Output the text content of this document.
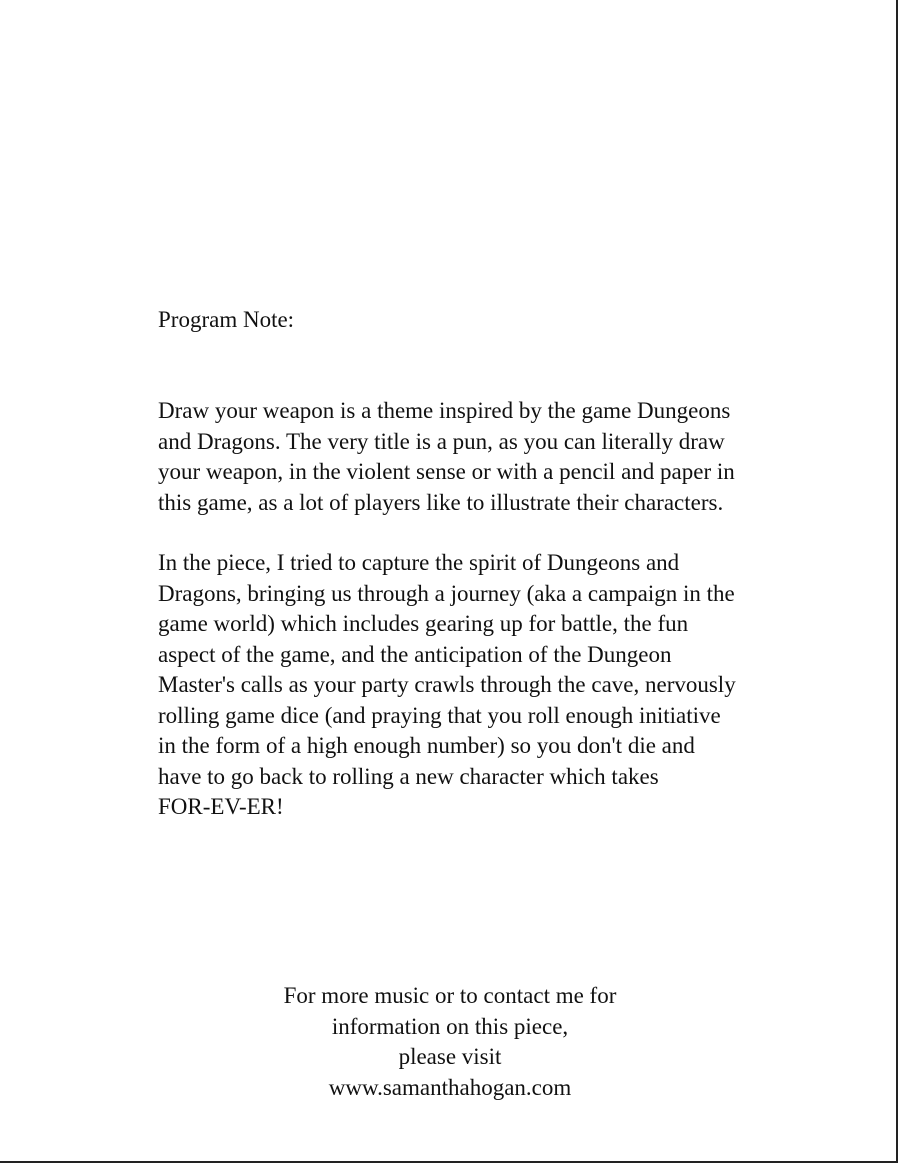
Program Note:

Draw your weapon is a theme inspired by the game Dungeons
and Dragons. The very title is a pun, as you can literally draw
your weapon, in the violent sense or with a pencil and paper in
this game, as a lot of players like to illustrate their characters.

In the piece, I tried to capture the spirit of Dungeons and
Dragons, bringing us through a journey (aka a campaign in the
game world) which includes gearing up for battle, the fun
aspect of the game, and the anticipation of the Dungeon
Master's calls as your party crawls through the cave, nervously
rolling game dice (and praying that you roll enough initiative
in the form of a high enough number) so you don't die and
have to go back to rolling a new character which takes
FOR-EV-ER!

For more music or to contact me for
information on this piece,
please visit
www.samanthahogan.com
